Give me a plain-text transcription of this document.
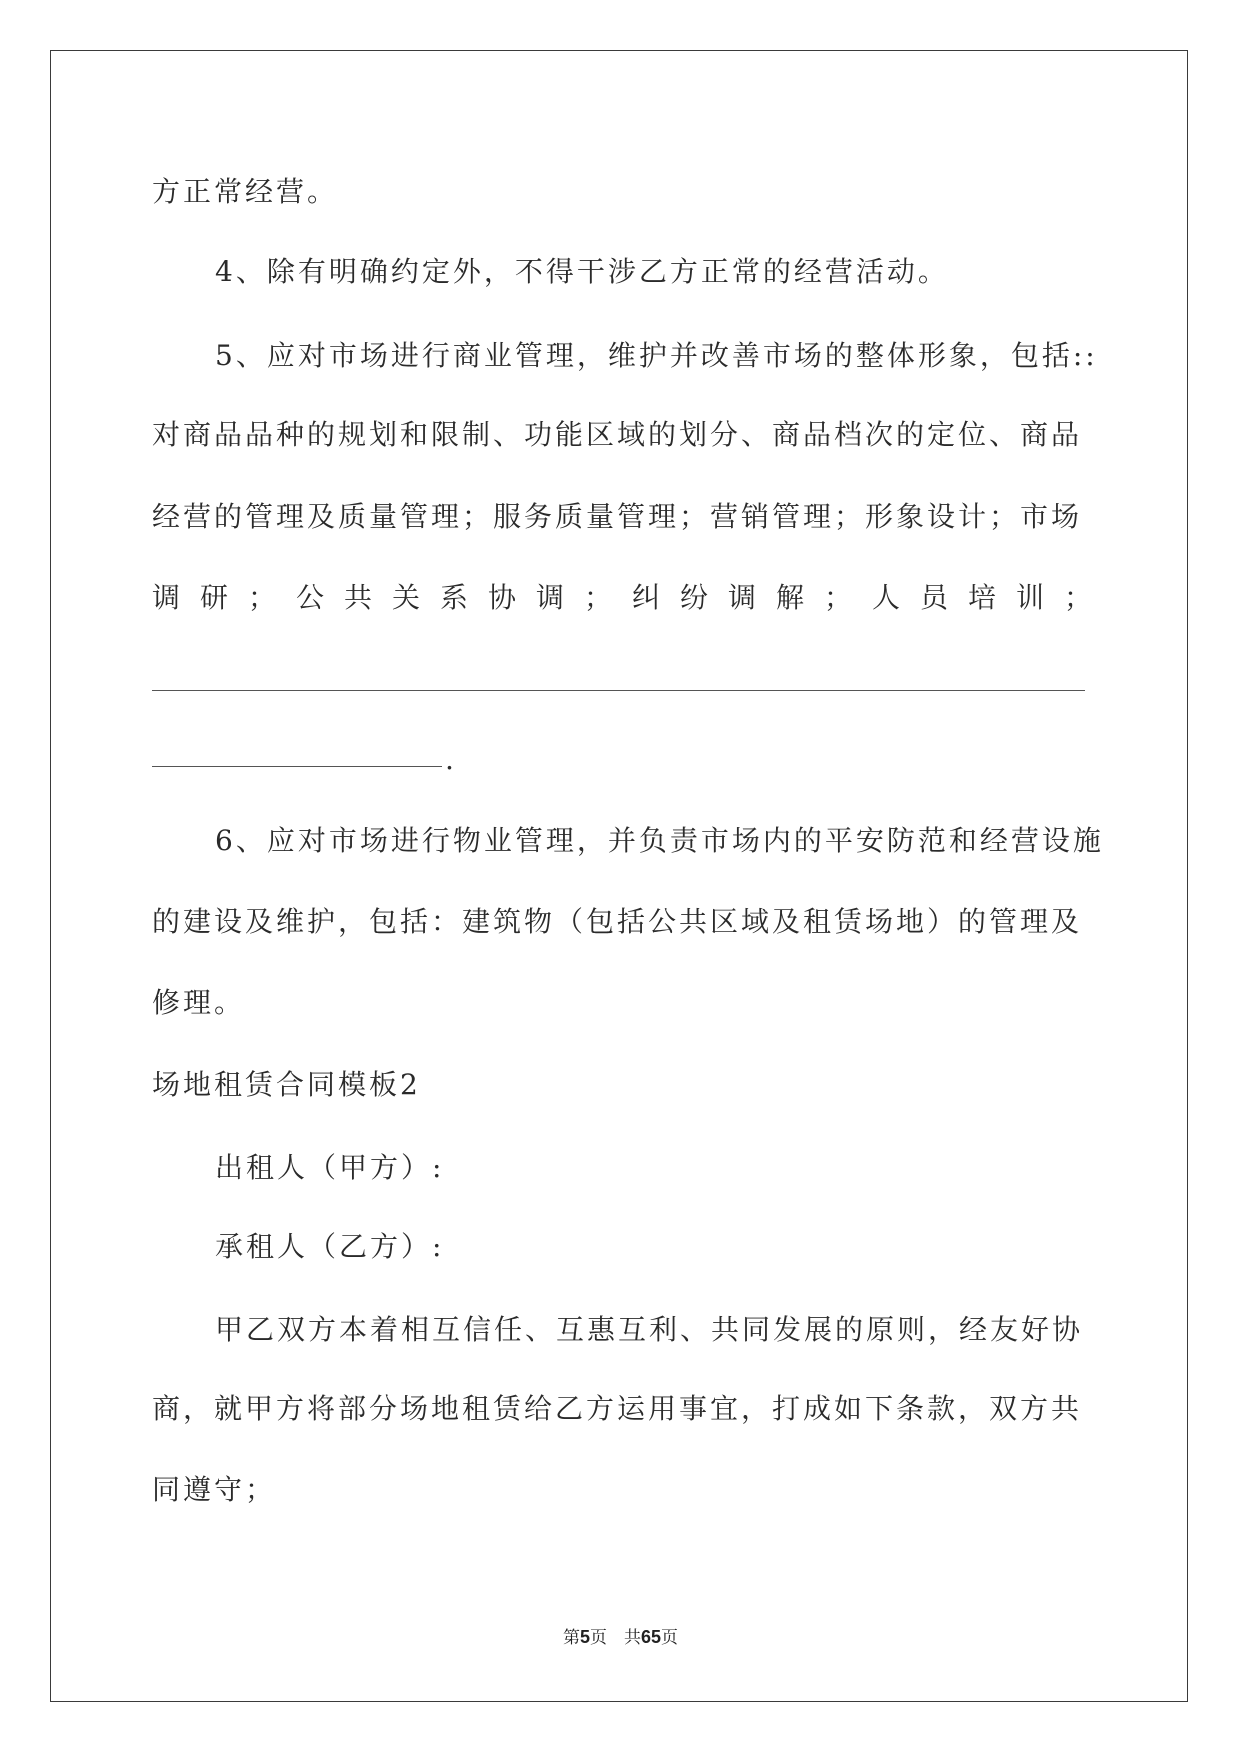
方正常经营。
4、除有明确约定外，不得干涉乙方正常的经营活动。
5、应对市场进行商业管理，维护并改善市场的整体形象，包括::
对商品品种的规划和限制、功能区域的划分、商品档次的定位、商品
经营的管理及质量管理；服务质量管理；营销管理；形象设计；市场
调研；公共关系协调；纠纷调解；人员培训；
.
6、应对市场进行物业管理，并负责市场内的平安防范和经营设施
的建设及维护，包括：建筑物（包括公共区域及租赁场地）的管理及
修理。
场地租赁合同模板2
出租人（甲方）:
承租人（乙方）:
甲乙双方本着相互信任、互惠互利、共同发展的原则，经友好协
商，就甲方将部分场地租赁给乙方运用事宜，打成如下条款，双方共
同遵守；
第5页　 共65页
